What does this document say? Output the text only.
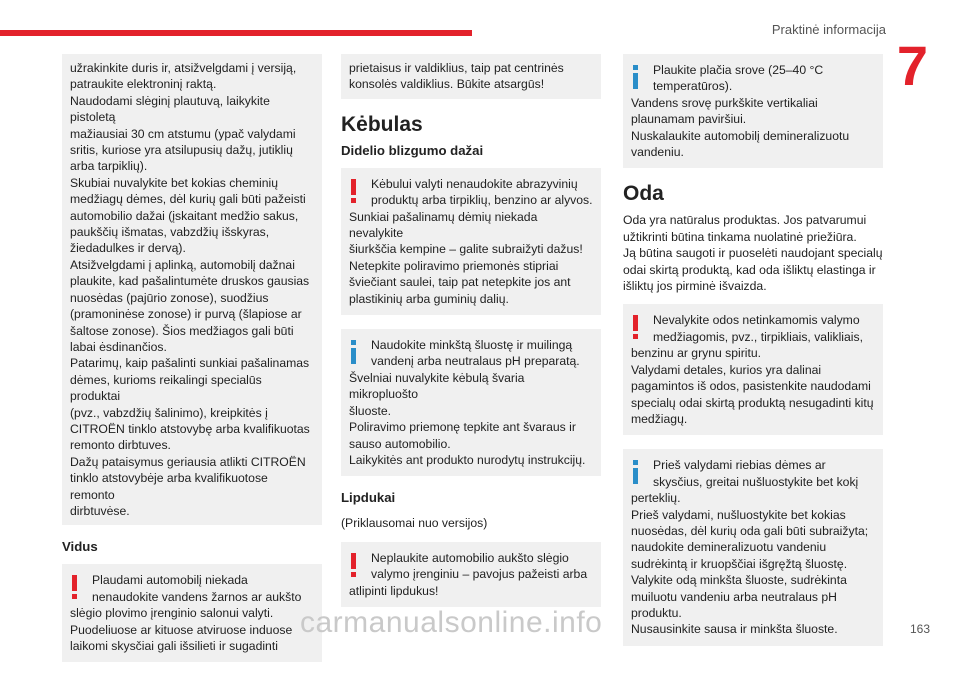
Praktinė informacija
7

užrakinkite duris ir, atsižvelgdami į versiją,
patraukite elektroninį raktą.
Naudodami slėginį plautuvą, laikykite pistoletą
mažiausiai 30 cm atstumu (ypač valydami
sritis, kuriose yra atsilupusių dažų, jutiklių
arba tarpiklių).
Skubiai nuvalykite bet kokias cheminių
medžiagų dėmes, dėl kurių gali būti pažeisti
automobilio dažai (įskaitant medžio sakus,
paukščių išmatas, vabzdžių išskyras,
žiedadulkes ir dervą).
Atsižvelgdami į aplinką, automobilį dažnai
plaukite, kad pašalintumėte druskos gausias
nuosėdas (pajūrio zonose), suodžius
(pramoninėse zonose) ir purvą (šlapiose ar
šaltose zonose). Šios medžiagos gali būti
labai ėsdinančios.
Patarimų, kaip pašalinti sunkiai pašalinamas
dėmes, kurioms reikalingi specialūs produktai
(pvz., vabzdžių šalinimo), kreipkitės į
CITROËN tinklo atstovybę arba kvalifikuotas
remonto dirbtuves.
Dažų pataisymus geriausia atlikti CITROËN
tinklo atstovybėje arba kvalifikuotose remonto
dirbtuvėse.

Vidus
Plaudami automobilį niekada
nenaudokite vandens žarnos ar aukšto
slėgio plovimo įrenginio salonui valyti.
Puodeliuose ar kituose atviruose induose
laikomi skysčiai gali išsilieti ir sugadinti

prietaisus ir valdiklius, taip pat centrinės
konsolės valdiklius. Būkite atsargūs!

Kėbulas
Didelio blizgumo dažai
Kėbului valyti nenaudokite abrazyvinių
produktų arba tirpiklių, benzino ar alyvos.
Sunkiai pašalinamų dėmių niekada nevalykite
šiurkščia kempine – galite subraižyti dažus!
Netepkite poliravimo priemonės stipriai
šviečiant saulei, taip pat netepkite jos ant
plastikinių arba guminių dalių.
Naudokite minkštą šluostę ir muilingą
vandenį arba neutralaus pH preparatą.
Švelniai nuvalykite kėbulą švaria mikropluošto
šluoste.
Poliravimo priemonę tepkite ant švaraus ir
sauso automobilio.
Laikykitės ant produkto nurodytų instrukcijų.
Lipdukai

(Priklausomai nuo versijos)

Neplaukite automobilio aukšto slėgio
valymo įrenginiu – pavojus pažeisti arba
atlipinti lipdukus!
Plaukite plačia srove (25–40 °C
temperatūros).
Vandens srovę purkškite vertikaliai
plaunamam paviršiui.
Nuskalaukite automobilį demineralizuotu
vandeniu.
Oda

Oda yra natūralus produktas. Jos patvarumui
užtikrinti būtina tinkama nuolatinė priežiūra.
Ją būtina saugoti ir puoselėti naudojant specialų
odai skirtą produktą, kad oda išliktų elastinga ir
išliktų jos pirminė išvaizda.

Nevalykite odos netinkamomis valymo
medžiagomis, pvz., tirpikliais, valikliais,
benzinu ar grynu spiritu.
Valydami detales, kurios yra dalinai
pagamintos iš odos, pasistenkite naudodami
specialų odai skirtą produktą nesugadinti kitų
medžiagų.
Prieš valydami riebias dėmes ar
skysčius, greitai nušluostykite bet kokį
perteklių.
Prieš valydami, nušluostykite bet kokias
nuosėdas, dėl kurių oda gali būti subraižyta;
naudokite demineralizuotu vandeniu
sudrėkintą ir kruopščiai išgręžtą šluostę.
Valykite odą minkšta šluoste, sudrėkinta
muiluotu vandeniu arba neutralaus pH
produktu.
Nusausinkite sausa ir minkšta šluoste.
carmanualsonline.info	163
